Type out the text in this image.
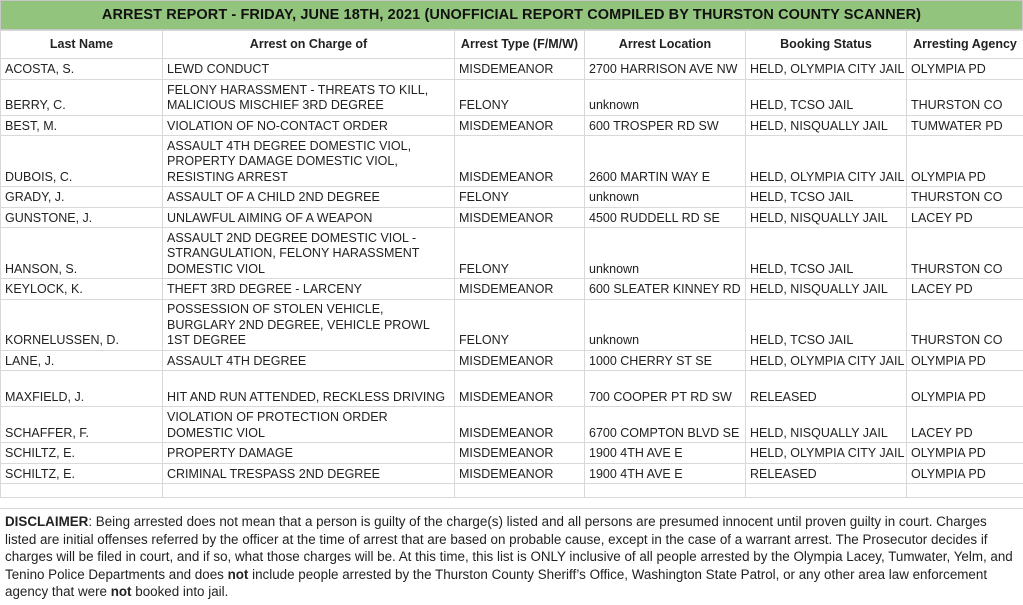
ARREST REPORT - FRIDAY, JUNE 18TH, 2021 (UNOFFICIAL REPORT COMPILED BY THURSTON COUNTY SCANNER)
Last Name	Arrest on Charge of	Arrest Type (F/M/W)	Arrest Location	Booking Status	Arresting Agency
ACOSTA, S.	LEWD CONDUCT	MISDEMEANOR	2700 HARRISON AVE NW	HELD, OLYMPIA CITY JAIL	OLYMPIA PD
BERRY, C.	FELONY HARASSMENT - THREATS TO KILL, MALICIOUS MISCHIEF 3RD DEGREE	FELONY	unknown	HELD, TCSO JAIL	THURSTON CO
BEST, M.	VIOLATION OF NO-CONTACT ORDER	MISDEMEANOR	600 TROSPER RD SW	HELD, NISQUALLY JAIL	TUMWATER PD
DUBOIS, C.	ASSAULT 4TH DEGREE DOMESTIC VIOL, PROPERTY DAMAGE DOMESTIC VIOL, RESISTING ARREST	MISDEMEANOR	2600 MARTIN WAY E	HELD, OLYMPIA CITY JAIL	OLYMPIA PD
GRADY, J.	ASSAULT OF A CHILD 2ND DEGREE	FELONY	unknown	HELD, TCSO JAIL	THURSTON CO
GUNSTONE, J.	UNLAWFUL AIMING OF A WEAPON	MISDEMEANOR	4500 RUDDELL RD SE	HELD, NISQUALLY JAIL	LACEY PD
HANSON, S.	ASSAULT 2ND DEGREE DOMESTIC VIOL - STRANGULATION, FELONY HARASSMENT DOMESTIC VIOL	FELONY	unknown	HELD, TCSO JAIL	THURSTON CO
KEYLOCK, K.	THEFT 3RD DEGREE - LARCENY	MISDEMEANOR	600 SLEATER KINNEY RD	HELD, NISQUALLY JAIL	LACEY PD
KORNELUSSEN, D.	POSSESSION OF STOLEN VEHICLE, BURGLARY 2ND DEGREE, VEHICLE PROWL 1ST DEGREE	FELONY	unknown	HELD, TCSO JAIL	THURSTON CO
LANE, J.	ASSAULT 4TH DEGREE	MISDEMEANOR	1000 CHERRY ST SE	HELD, OLYMPIA CITY JAIL	OLYMPIA PD
MAXFIELD, J.	HIT AND RUN ATTENDED, RECKLESS DRIVING	MISDEMEANOR	700 COOPER PT RD SW	RELEASED	OLYMPIA PD
SCHAFFER, F.	VIOLATION OF PROTECTION ORDER DOMESTIC VIOL	MISDEMEANOR	6700 COMPTON BLVD SE	HELD, NISQUALLY JAIL	LACEY PD
SCHILTZ, E.	PROPERTY DAMAGE	MISDEMEANOR	1900 4TH AVE E	HELD, OLYMPIA CITY JAIL	OLYMPIA PD
SCHILTZ, E.	CRIMINAL TRESPASS 2ND DEGREE	MISDEMEANOR	1900 4TH AVE E	RELEASED	OLYMPIA PD

DISCLAIMER: Being arrested does not mean that a person is guilty of the charge(s) listed and all persons are presumed innocent until proven guilty in court. Charges listed are initial offenses referred by the officer at the time of arrest that are based on probable cause, except in the case of a warrant arrest. The Prosecutor decides if charges will be filed in court, and if so, what those charges will be. At this time, this list is ONLY inclusive of all people arrested by the Olympia Lacey, Tumwater, Yelm, and Tenino Police Departments and does not include people arrested by the Thurston County Sheriff’s Office, Washington State Patrol, or any other area law enforcement agency that were not booked into jail.
